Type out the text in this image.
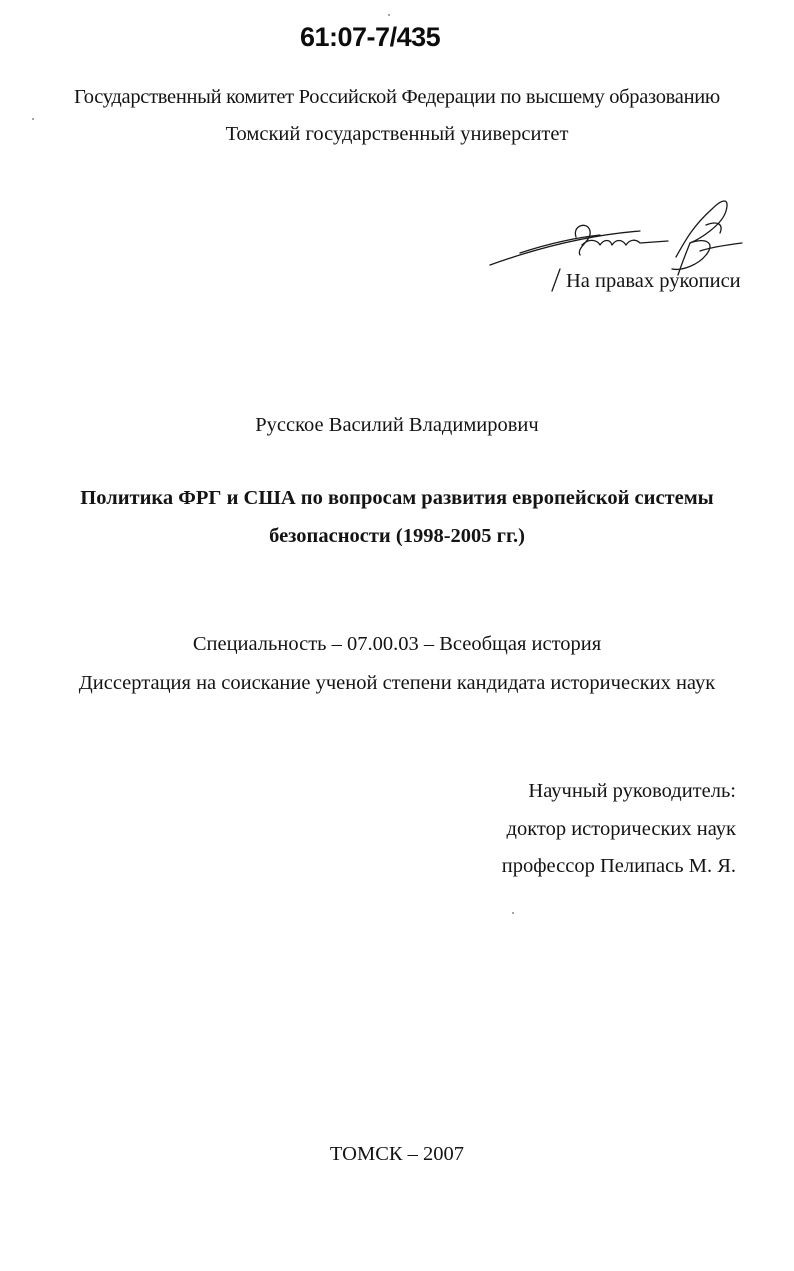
61:07-7/435
Государственный комитет Российской Федерации по высшему образованию
Томский государственный университет
На правах рукописи
Русское Василий Владимирович
Политика ФРГ и США по вопросам развития европейской системы
безопасности (1998-2005 гг.)
Специальность – 07.00.03 – Всеобщая история
Диссертация на соискание ученой степени кандидата исторических наук
Научный руководитель:
доктор исторических наук
профессор Пелипась М. Я.
ТОМСК – 2007
